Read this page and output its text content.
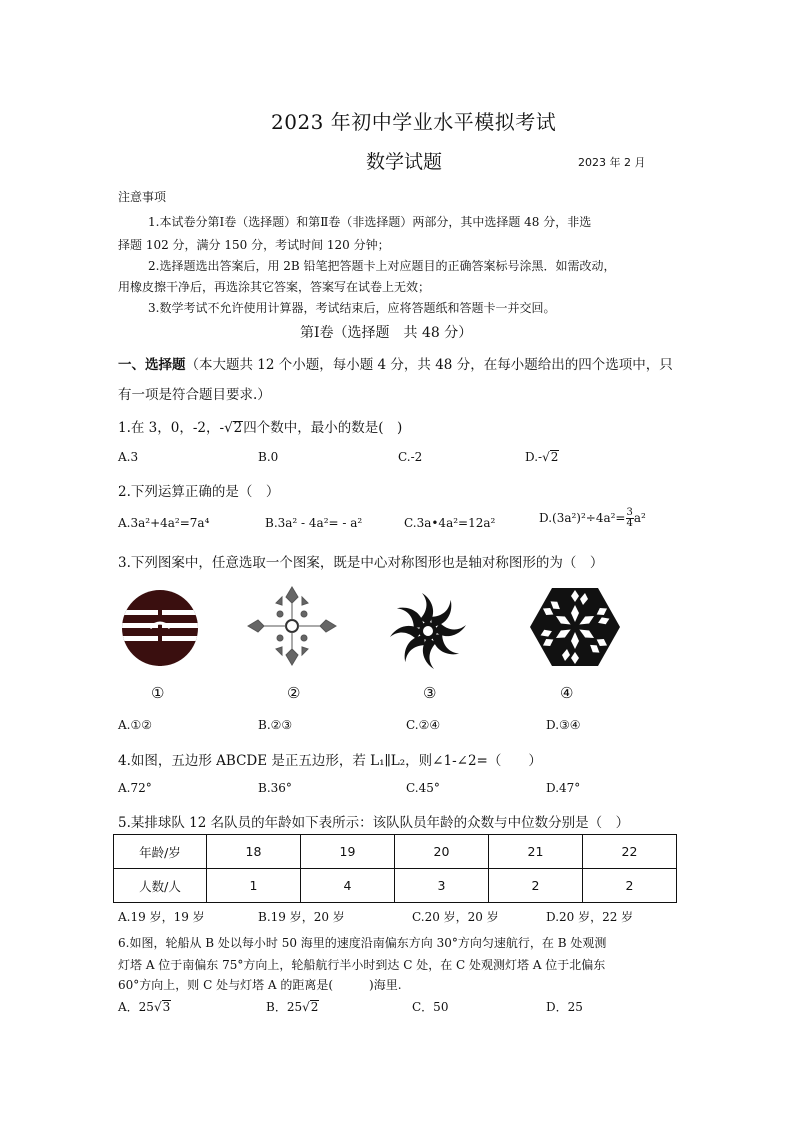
2023 年初中学业水平模拟考试
数学试题	2023 年 2 月
注意事项
1.本试卷分第Ⅰ卷（选择题）和第Ⅱ卷（非选择题）两部分，其中选择题 48 分，非选
择题 102 分，满分 150 分，考试时间 120 分钟；
2.选择题选出答案后，用 2B 铅笔把答题卡上对应题目的正确答案标号涂黑．如需改动，
用橡皮擦干净后，再选涂其它答案，答案写在试卷上无效；
3.数学考试不允许使用计算器，考试结束后，应将答题纸和答题卡一并交回。
第Ⅰ卷（选择题　共 48 分）
一、选择题（本大题共 12 个小题，每小题 4 分，共 48 分，在每小题给出的四个选项中，只
有一项是符合题目要求.）
1.在 3，0，-2，-√2四个数中，最小的数是(　)
A.3	B.0	C.-2	D.-√2
2.下列运算正确的是（　）
A.3a²+4a²=7a⁴	B.3a² - 4a²= - a²	C.3a•4a²=12a²	$D.(3a^2)^2\div 4a^2= \frac{3}{4} a^2$
3.下列图案中，任意选取一个图案，既是中心对称图形也是轴对称图形的为（　）
①	②	③	④
A.①②	B.②③	C.②④	D.③④
4.如图，五边形 ABCDE 是正五边形，若 L₁∥L₂，则∠1-∠2=（　　）
A.72°	B.36°	C.45°	D.47°
5.某排球队 12 名队员的年龄如下表所示：该队队员年龄的众数与中位数分别是（　）
年龄/岁	18	19	20	21	22
人数/人	1	4	3	2	2
A.19 岁，19 岁	B.19 岁，20 岁	C.20 岁，20 岁	D.20 岁，22 岁
6.如图，轮船从 B 处以每小时 50 海里的速度沿南偏东方向 30°方向匀速航行，在 B 处观测
灯塔 A 位于南偏东 75°方向上，轮船航行半小时到达 C 处，在 C 处观测灯塔 A 位于北偏东
60°方向上，则 C 处与灯塔 A 的距离是(　　　)海里.
A．25√3	B．25√2	C．50	D．25
